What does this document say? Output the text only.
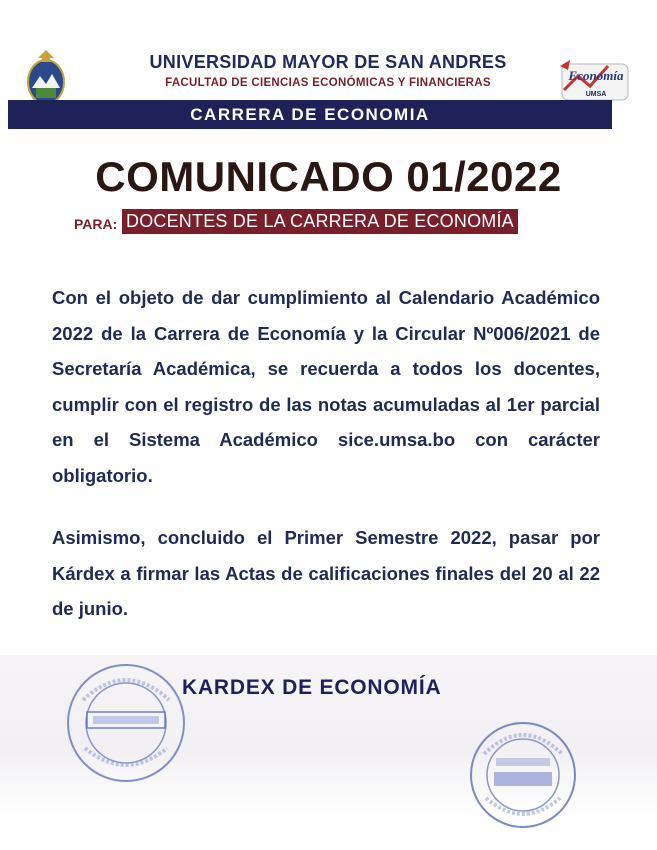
UNIVERSIDAD MAYOR DE SAN ANDRES
FACULTAD DE CIENCIAS ECONÓMICAS Y FINANCIERAS	Economía
UMSA
CARRERA DE ECONOMIA
COMUNICADO 01/2022
PARA: DOCENTES DE LA CARRERA DE ECONOMÍA
Con el objeto de dar cumplimiento al Calendario Académico 2022 de la Carrera de Economía y la Circular Nº006/2021 de Secretaría Académica, se recuerda a todos los docentes, cumplir con el registro de las notas acumuladas al 1er parcial en el Sistema Académico sice.umsa.bo con carácter obligatorio.
Asimismo, concluido el Primer Semestre 2022, pasar por Kárdex a firmar las Actas de calificaciones finales del 20 al 22 de junio.
KARDEX DE ECONOMÍA
